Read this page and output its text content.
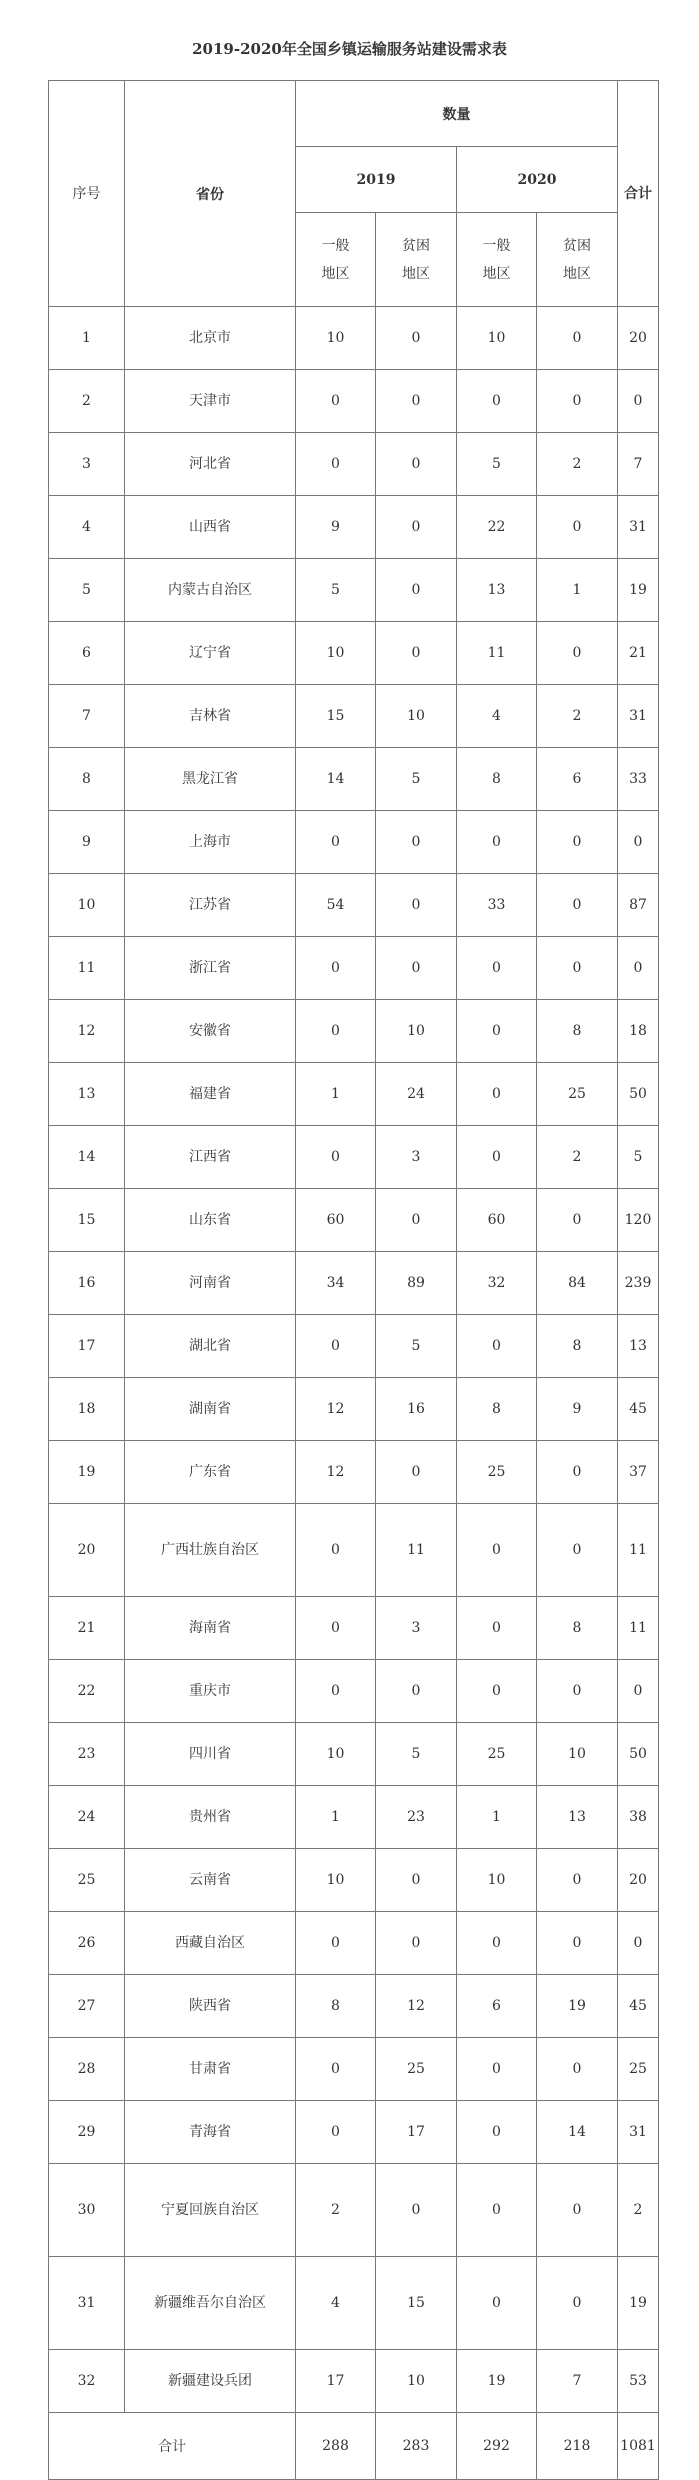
2019-2020年全国乡镇运输服务站建设需求表
序号	省份	数量				合计
		2019		2020		
		一般地区	贫困地区	一般地区	贫困地区	
1	北京市	10	0	10	0	20
2	天津市	0	0	0	0	0
3	河北省	0	0	5	2	7
4	山西省	9	0	22	0	31
5	内蒙古自治区	5	0	13	1	19
6	辽宁省	10	0	11	0	21
7	吉林省	15	10	4	2	31
8	黑龙江省	14	5	8	6	33
9	上海市	0	0	0	0	0
10	江苏省	54	0	33	0	87
11	浙江省	0	0	0	0	0
12	安徽省	0	10	0	8	18
13	福建省	1	24	0	25	50
14	江西省	0	3	0	2	5
15	山东省	60	0	60	0	120
16	河南省	34	89	32	84	239
17	湖北省	0	5	0	8	13
18	湖南省	12	16	8	9	45
19	广东省	12	0	25	0	37
20	广西壮族自治区	0	11	0	0	11
21	海南省	0	3	0	8	11
22	重庆市	0	0	0	0	0
23	四川省	10	5	25	10	50
24	贵州省	1	23	1	13	38
25	云南省	10	0	10	0	20
26	西藏自治区	0	0	0	0	0
27	陕西省	8	12	6	19	45
28	甘肃省	0	25	0	0	25
29	青海省	0	17	0	14	31
30	宁夏回族自治区	2	0	0	0	2
31	新疆维吾尔自治区	4	15	0	0	19
32	新疆建设兵团	17	10	19	7	53
合计		288	283	292	218	1081
